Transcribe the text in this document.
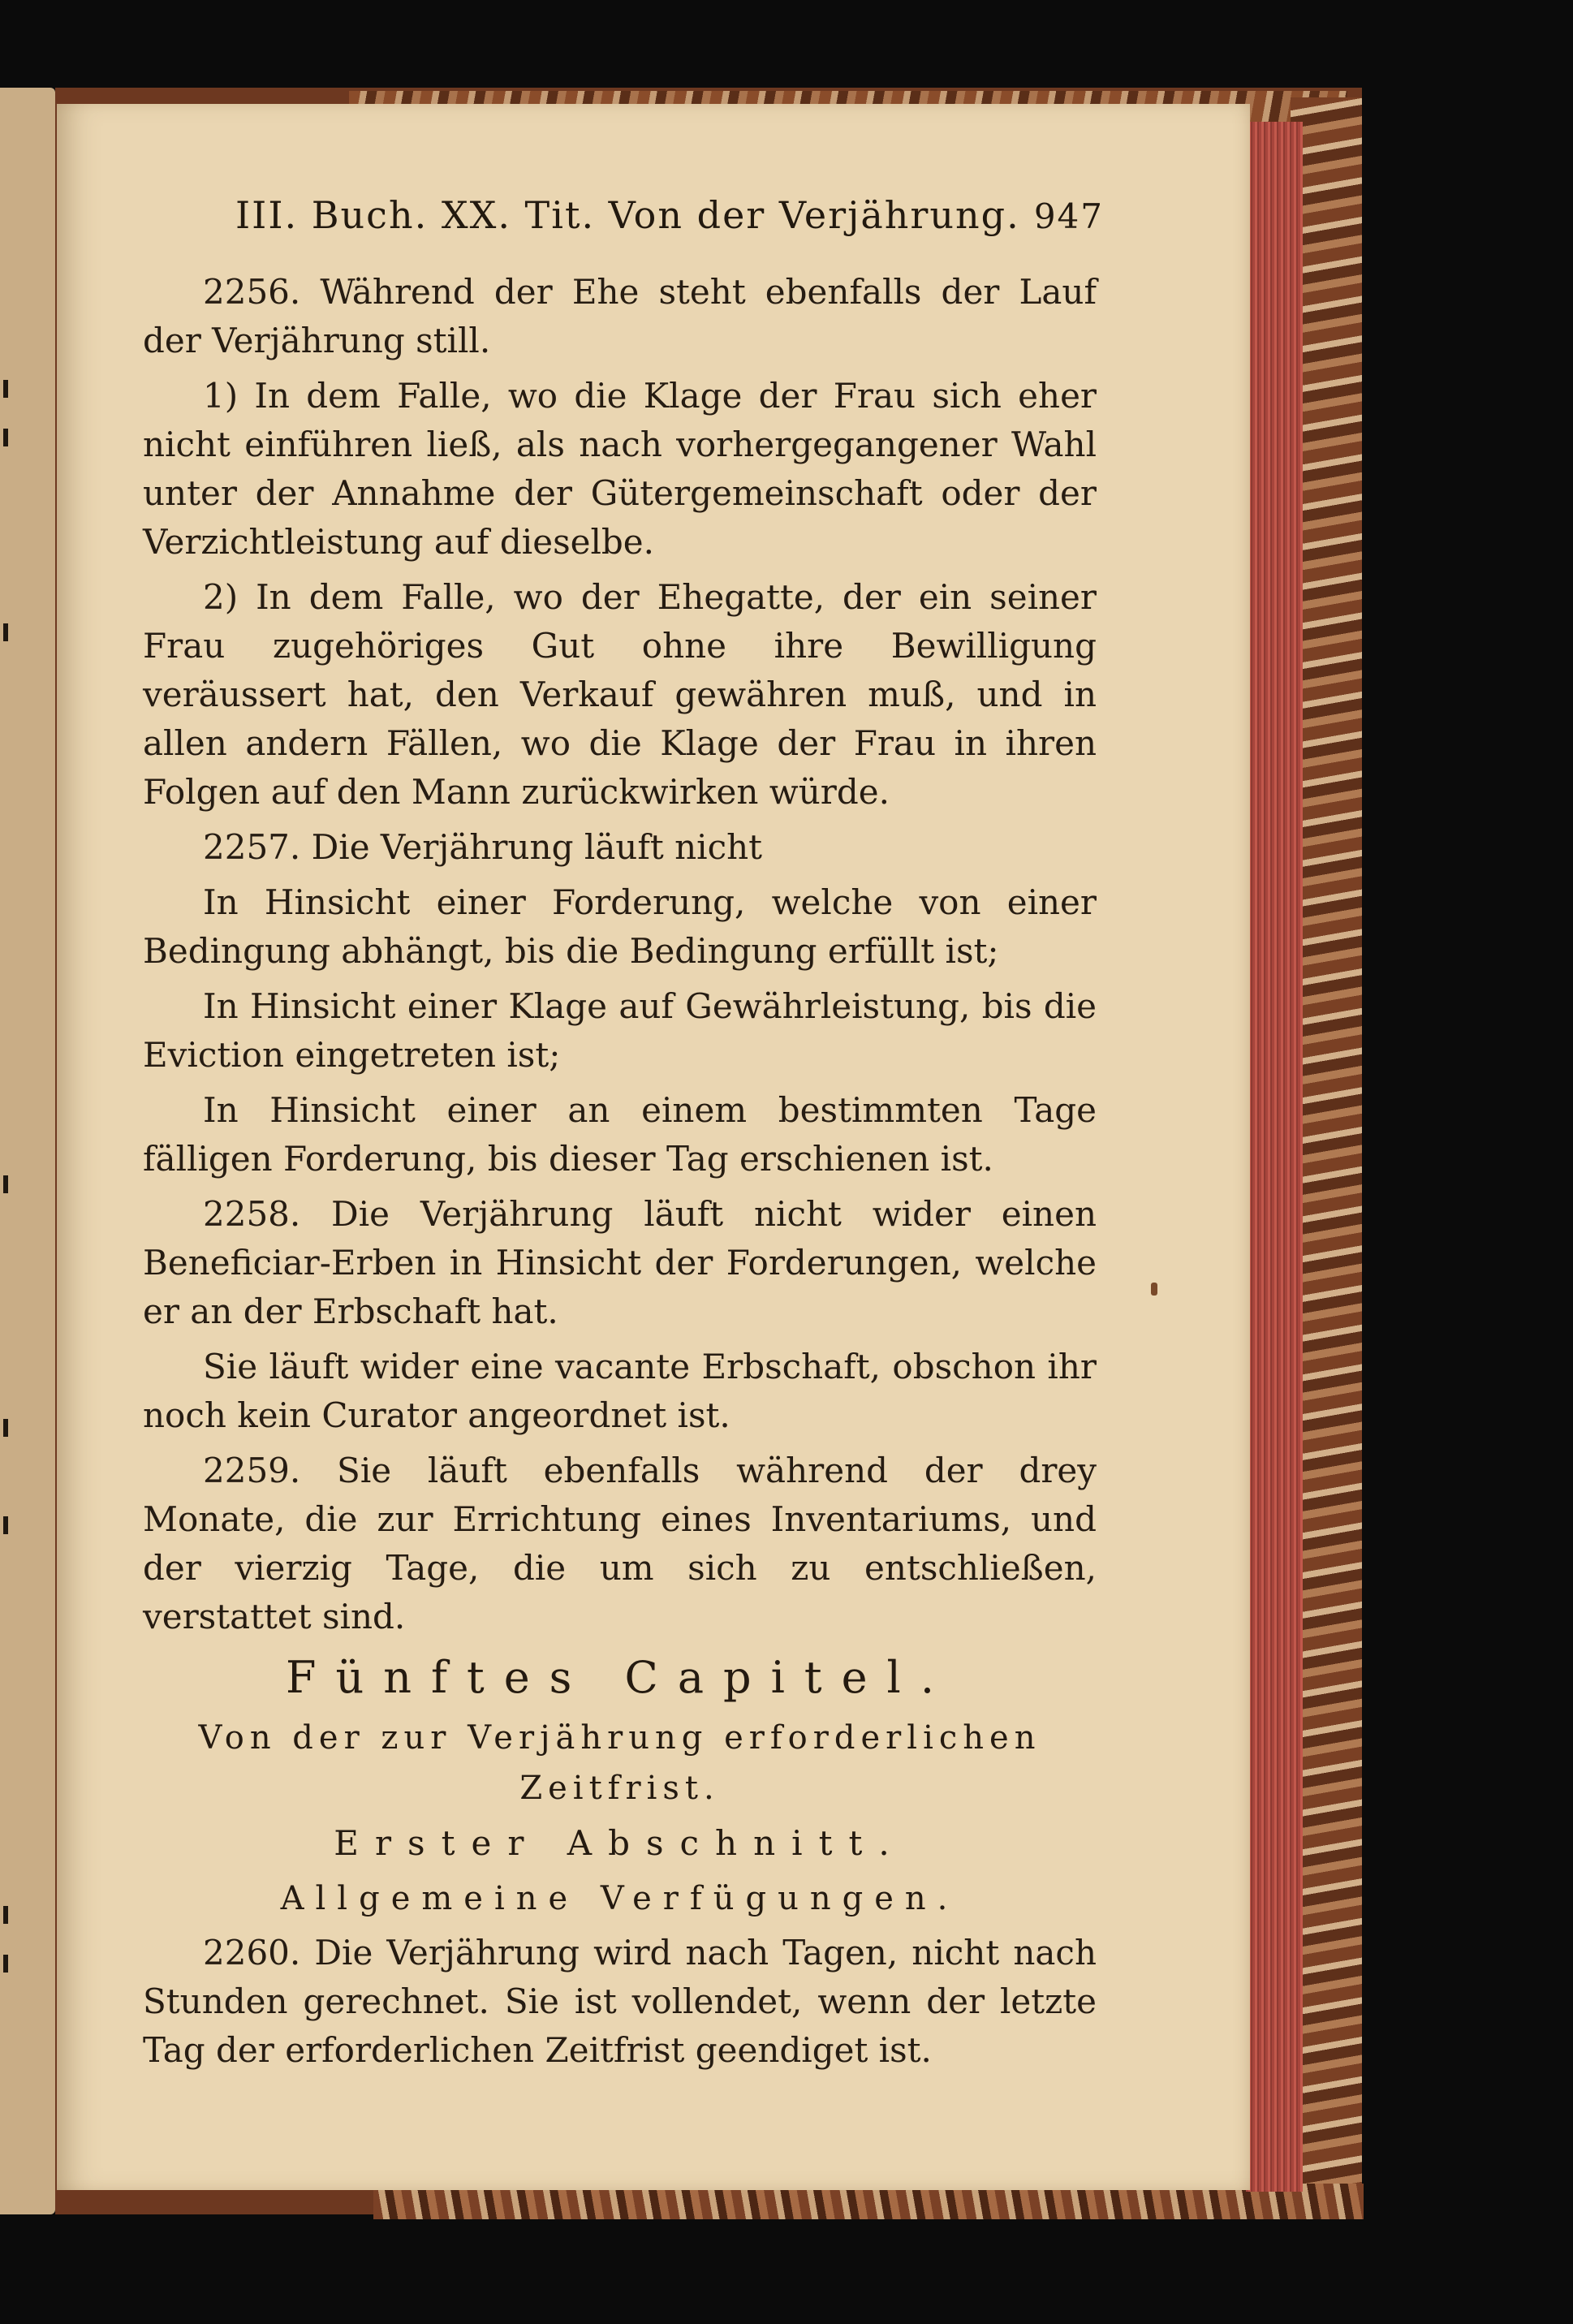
III. Buch. XX. Tit. Von der Verjährung. 947

2256. Während der Ehe steht ebenfalls der Lauf der Verjährung still.

1) In dem Falle, wo die Klage der Frau sich eher nicht einführen ließ, als nach vorhergegangener Wahl unter der Annahme der Gütergemeinschaft oder der Verzichtleistung auf dieselbe.

2) In dem Falle, wo der Ehegatte, der ein seiner Frau zugehöriges Gut ohne ihre Bewilligung veräussert hat, den Verkauf gewähren muß, und in allen andern Fällen, wo die Klage der Frau in ihren Folgen auf den Mann zurückwirken würde.

2257. Die Verjährung läuft nicht

In Hinsicht einer Forderung, welche von einer Bedingung abhängt, bis die Bedingung erfüllt ist;

In Hinsicht einer Klage auf Gewährleistung, bis die Eviction eingetreten ist;

In Hinsicht einer an einem bestimmten Tage fälligen Forderung, bis dieser Tag erschienen ist.

2258. Die Verjährung läuft nicht wider einen Beneficiar-Erben in Hinsicht der Forderungen, welche er an der Erbschaft hat.

Sie läuft wider eine vacante Erbschaft, obschon ihr noch kein Curator angeordnet ist.

2259. Sie läuft ebenfalls während der drey Monate, die zur Errichtung eines Inventariums, und der vierzig Tage, die um sich zu entschließen, verstattet sind.

Fünftes Capitel.
Von der zur Verjährung erforderlichen Zeitfrist.
Erster Abschnitt.
Allgemeine Verfügungen.

2260. Die Verjährung wird nach Tagen, nicht nach Stunden gerechnet. Sie ist vollendet, wenn der letzte Tag der erforderlichen Zeitfrist geendiget ist.
